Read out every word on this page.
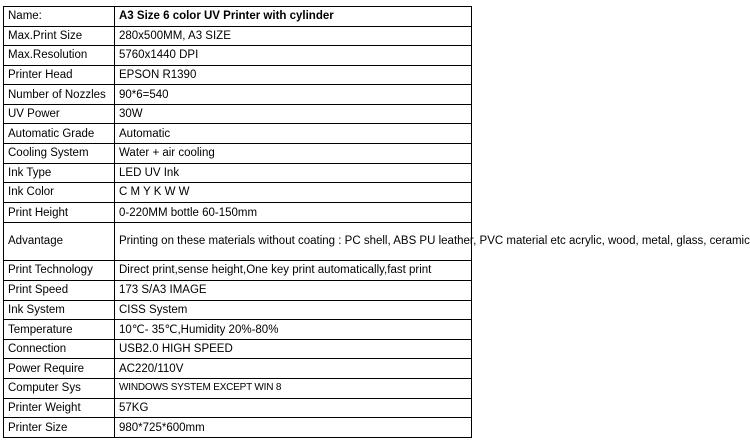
Name:	A3 Size 6 color UV Printer with cylinder
Max.Print Size	280x500MM, A3 SIZE
Max.Resolution	5760x1440 DPI
Printer Head	EPSON R1390
Number of Nozzles	90*6=540
UV Power	30W
Automatic Grade	Automatic
Cooling System	Water + air cooling
Ink Type	LED UV Ink
Ink Color	C M Y K W W
Print Height	0-220MM bottle 60-150mm
Advantage	Printing on these materials without coating : PC shell, ABS PU leather, PVC material etc acrylic, wood, metal, glass, ceramic
Print Technology	Direct print,sense height,One key print automatically,fast print
Print Speed	173 S/A3 IMAGE
Ink System	CISS System
Temperature	10℃- 35℃,Humidity 20%-80%
Connection	USB2.0 HIGH SPEED
Power Require	AC220/110V
Computer Sys	WINDOWS SYSTEM EXCEPT WIN 8
Printer Weight	57KG
Printer Size	980*725*600mm
